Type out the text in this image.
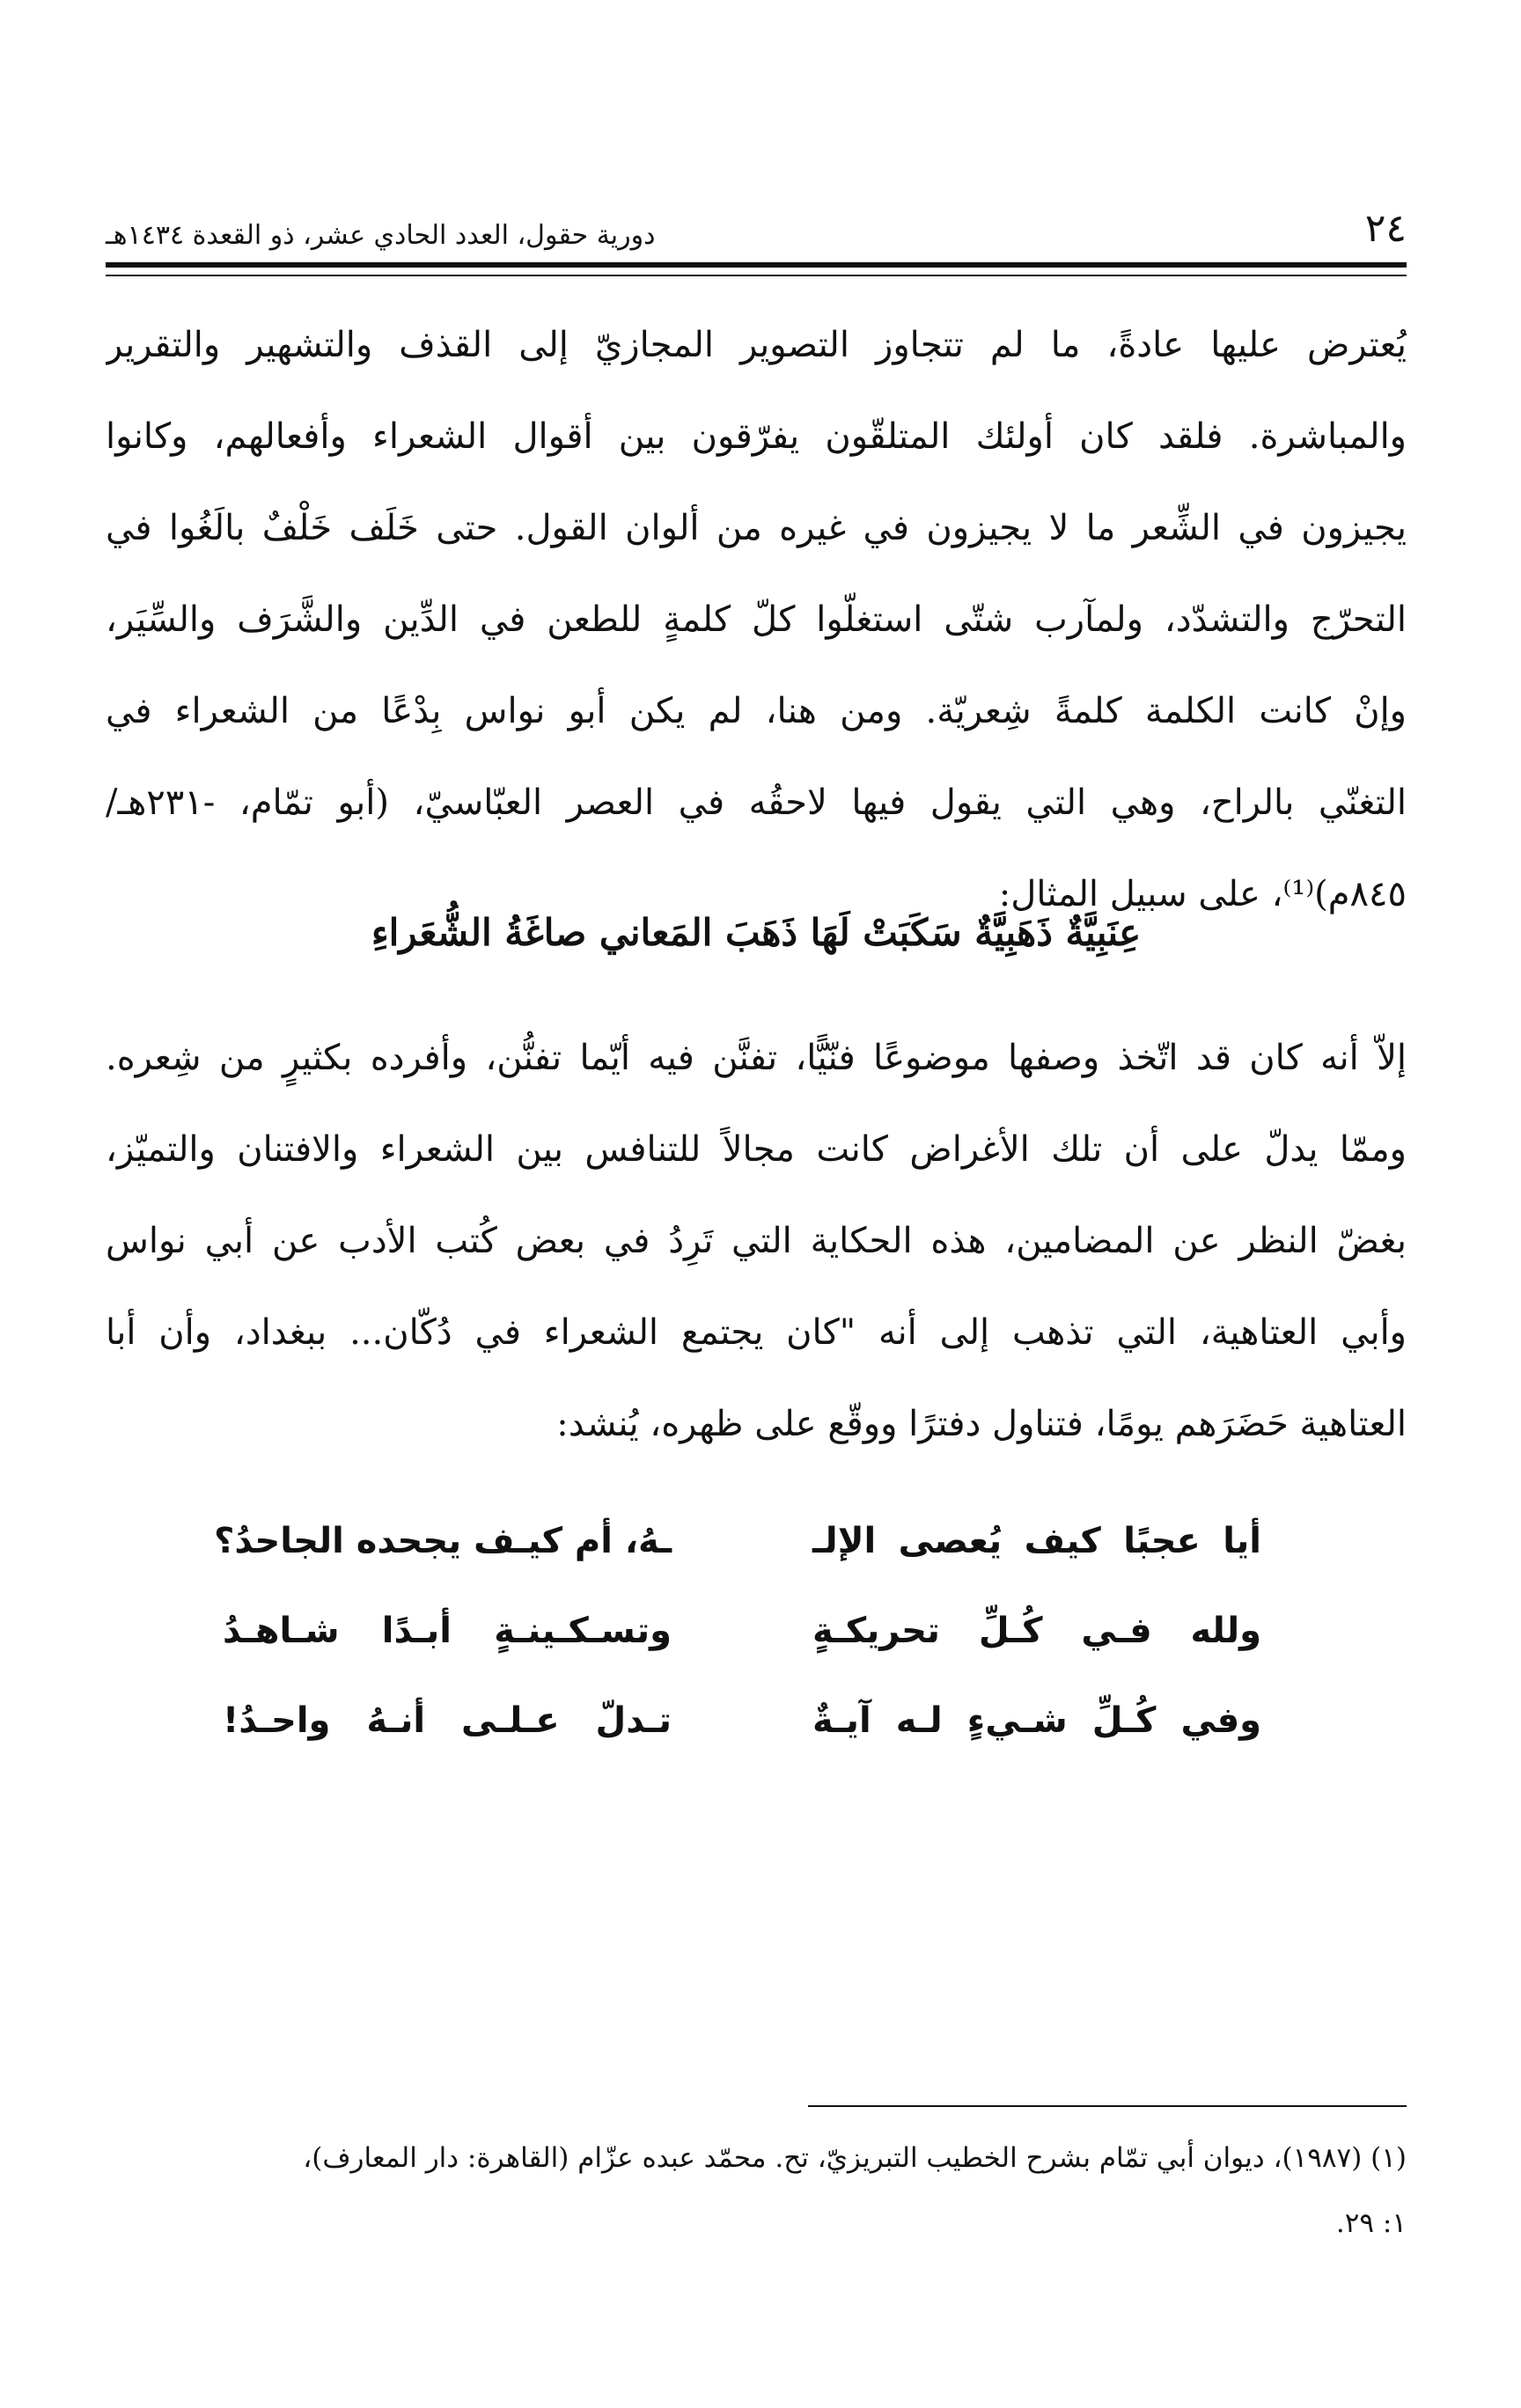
٢٤
دورية حقول، العدد الحادي عشر، ذو القعدة ١٤٣٤هـ
يُعترض عليها عادةً، ما لم تتجاوز التصوير المجازيّ إلى القذف والتشهير والتقرير
والمباشرة. فلقد كان أولئك المتلقّون يفرّقون بين أقوال الشعراء وأفعالهم، وكانوا
يجيزون في الشِّعر ما لا يجيزون في غيره من ألوان القول. حتى خَلَف خَلْفٌ بالَغُوا في
التحرّج والتشدّد، ولمآرب شتّى استغلّوا كلّ كلمةٍ للطعن في الدِّين والشَّرَف والسِّيَر،
وإنْ كانت الكلمة كلمةً شِعريّة. ومن هنا، لم يكن أبو نواس بِدْعًا من الشعراء في
التغنّي بالراح، وهي التي يقول فيها لاحقُه في العصر العبّاسيّ، (أبو تمّام، -٢٣١هـ/
٨٤٥م)⁽¹⁾، على سبيل المثال:
عِنَبِيَّةٌ ذَهَبِيَّةٌ سَكَبَتْ لَهَا ذَهَبَ المَعاني صاغَةُ الشُّعَراءِ
إلاّ أنه كان قد اتّخذ وصفها موضوعًا فنّيًّا، تفنَّن فيه أيّما تفنُّن، وأفرده بكثيرٍ من شِعره.
وممّا يدلّ على أن تلك الأغراض كانت مجالاً للتنافس بين الشعراء والافتنان والتميّز،
بغضّ النظر عن المضامين، هذه الحكاية التي تَرِدُ في بعض كُتب الأدب عن أبي نواس
وأبي العتاهية، التي تذهب إلى أنه "كان يجتمع الشعراء في دُكّان... ببغداد، وأن أبا
العتاهية حَضَرَهم يومًا، فتناول دفترًا ووقّع على ظهره، يُنشد:
أيا عجبًا كيف يُعصى الإلـ
ـهُ، أم كيـف يجحده الجاحدُ؟
ولله فـي كُـلِّ تحريكـةٍ
وتسـكـينـةٍ أبـدًا شـاهـدُ
وفي كُـلِّ شـيءٍ لـه آيـةٌ
تـدلّ عـلـى أنـهُ واحـدُ!
(١) (١٩٨٧)، ديوان أبي تمّام بشرح الخطيب التبريزيّ، تح. محمّد عبده عزّام (القاهرة: دار المعارف)،
١: ٢٩.
